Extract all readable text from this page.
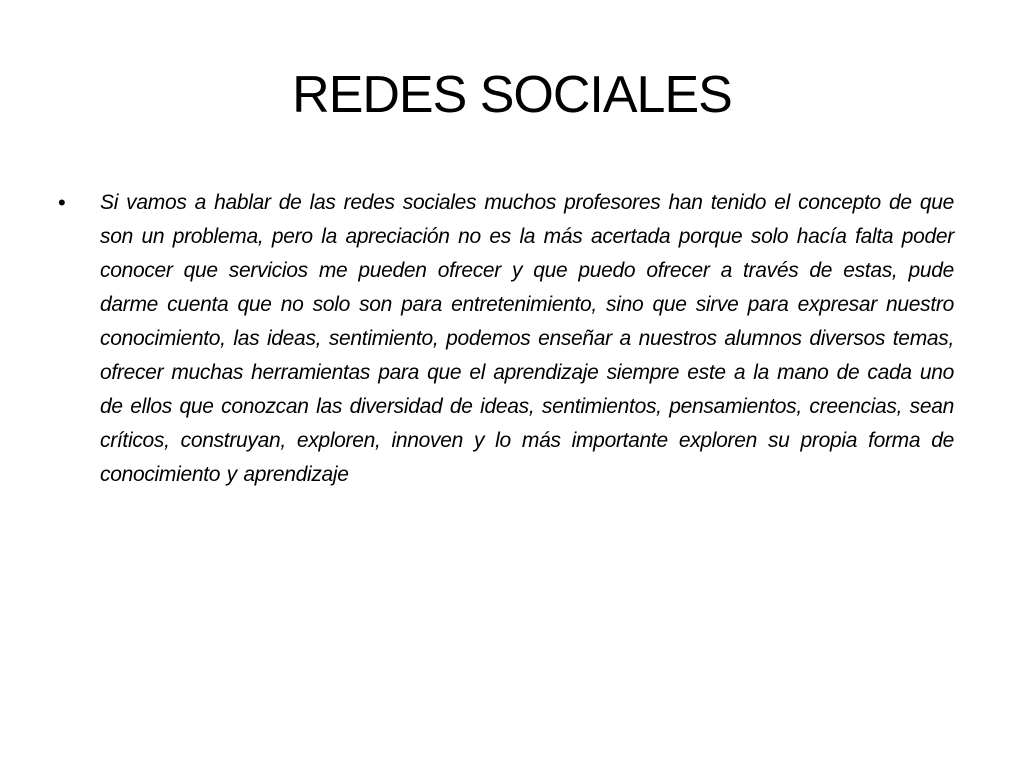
REDES SOCIALES
• Si vamos a hablar de las redes sociales muchos profesores han tenido el concepto de que son un problema, pero la apreciación no es la más acertada porque solo hacía falta poder conocer que servicios me pueden ofrecer y que puedo ofrecer a través de estas, pude darme cuenta que no solo son para entretenimiento, sino que sirve para expresar nuestro conocimiento, las ideas, sentimiento, podemos enseñar a nuestros alumnos diversos temas, ofrecer muchas herramientas para que el aprendizaje siempre este a la mano de cada uno de ellos que conozcan las diversidad de ideas, sentimientos, pensamientos, creencias, sean críticos, construyan, exploren, innoven y lo más importante exploren su propia forma de conocimiento y aprendizaje
